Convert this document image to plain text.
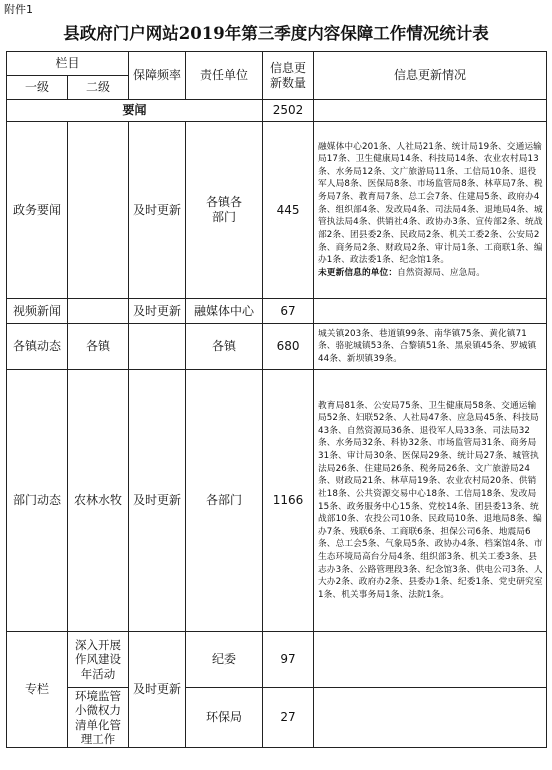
附件1
县政府门户网站2019年第三季度内容保障工作情况统计表
栏目		保障频率	责任单位	信息更新数量	信息更新情况
一级	二级				
要闻				2502	
政务要闻		及时更新	各镇各部门	445	融媒体中心201条、人社局21条、统计局19条、交通运输局17条、卫生健康局14条、科技局14条、农业农村局13条、水务局12条、文广旅游局11条、工信局10条、退役军人局8条、医保局8条、市场监管局8条、林草局7条、税务局7条、教育局7条、总工会7条、住建局5条、政府办4条、组织部4条、发改局4条、司法局4条、退地局4条、城管执法局4条、供销社4条、政协办3条、宣传部2条、统战部2条、团县委2条、民政局2条、机关工委2条、公安局2条、商务局2条、财政局2条、审计局1条、工商联1条、编办1条、政法委1条、纪念馆1条。
未更新信息的单位：自然资源局、应急局。
视频新闻		及时更新	融媒体中心	67	
各镇动态	各镇		各镇	680	城关镇203条、巷道镇99条、南华镇75条、黄化镇71条、骆驼城镇53条、合黎镇51条、黑泉镇45条、罗城镇44条、新坝镇39条。
部门动态	农林水牧	及时更新	各部门	1166	教育局81条、公安局75条、卫生健康局58条、交通运输局52条、妇联52条、人社局47条、应急局45条、科技局43条、自然资源局36条、退役军人局33条、司法局32条、水务局32条、科协32条、市场监管局31条、商务局31条、审计局30条、医保局29条、统计局27条、城管执法局26条、住建局26条、税务局26条、文广旅游局24条、财政局21条、林草局19条、农业农村局20条、供销社18条、公共资源交易中心18条、工信局18条、发改局15条、政务服务中心15条、党校14条、团县委13条、统战部10条、农投公司10条、民政局10条、退地局8条、编办7条、残联6条、工商联6条、担保公司6条、地震局6条、总工会5条、气象局5条、政协办4条、档案馆4条、市生态环境局高台分局4条、组织部3条、机关工委3条、县志办3条、公路管理段3条、纪念馆3条、供电公司3条、人大办2条、政府办2条、县委办1条、纪委1条、党史研究室1条、机关事务局1条、法院1条。
专栏	深入开展作风建设年活动	及时更新	纪委	97	

	环境监管小微权力清单化管理工作		环保局	27	
